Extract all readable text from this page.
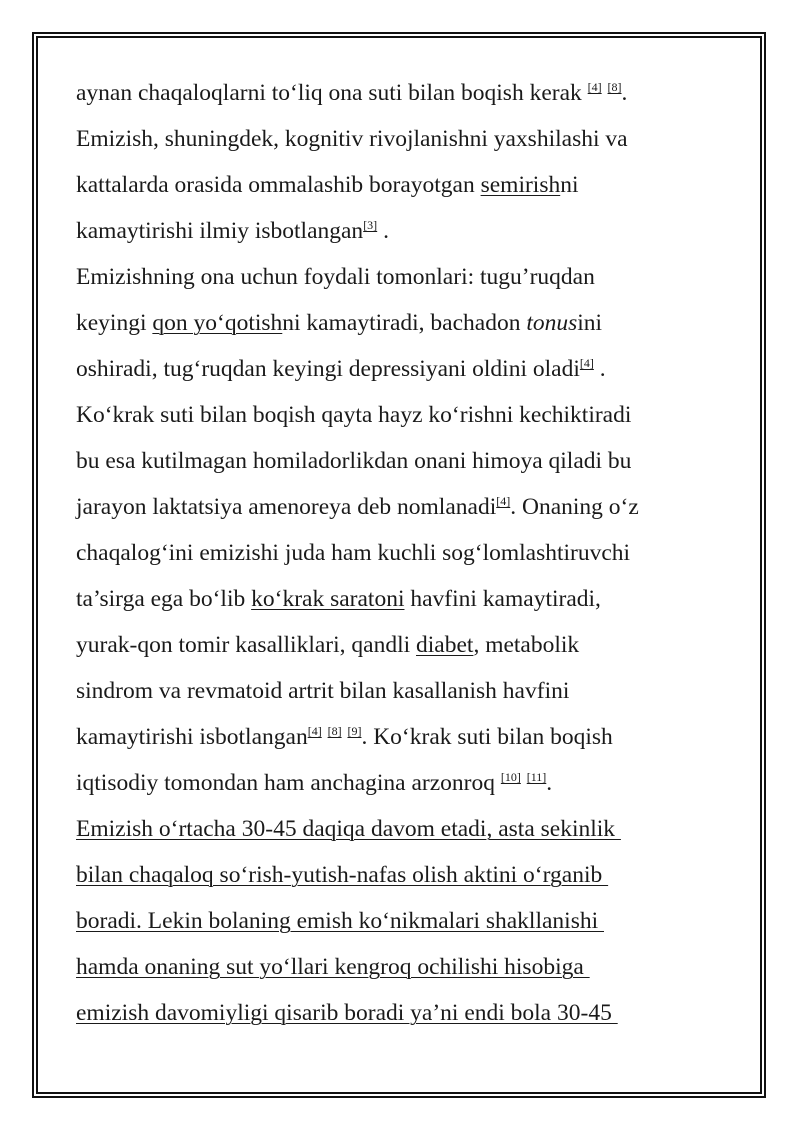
aynan chaqaloqlarni to‘liq ona suti bilan boqish kerak [4] [8].
Emizish, shuningdek, kognitiv rivojlanishni yaxshilashi va
kattalarda orasida ommalashib borayotgan semirishni
kamaytirishi ilmiy isbotlangan[3] .
Emizishning ona uchun foydali tomonlari: tugu’ruqdan
keyingi qon yo‘qotishni kamaytiradi, bachadon tonusini
oshiradi, tug‘ruqdan keyingi depressiyani oldini oladi[4] .
Ko‘krak suti bilan boqish qayta hayz ko‘rishni kechiktiradi
bu esa kutilmagan homiladorlikdan onani himoya qiladi bu
jarayon laktatsiya amenoreya deb nomlanadi[4]. Onaning o‘z
chaqalog‘ini emizishi juda ham kuchli sog‘lomlashtiruvchi
ta’sirga ega bo‘lib ko‘krak saratoni havfini kamaytiradi,
yurak-qon tomir kasalliklari, qandli diabet, metabolik
sindrom va revmatoid artrit bilan kasallanish havfini
kamaytirishi isbotlangan[4] [8] [9]. Ko‘krak suti bilan boqish
iqtisodiy tomondan ham anchagina arzonroq [10] [11].
Emizish o‘rtacha 30-45 daqiqa davom etadi, asta sekinlik
bilan chaqaloq so‘rish-yutish-nafas olish aktini o‘rganib
boradi. Lekin bolaning emish ko‘nikmalari shakllanishi
hamda onaning sut yo‘llari kengroq ochilishi hisobiga
emizish davomiyligi qisarib boradi ya’ni endi bola 30-45
